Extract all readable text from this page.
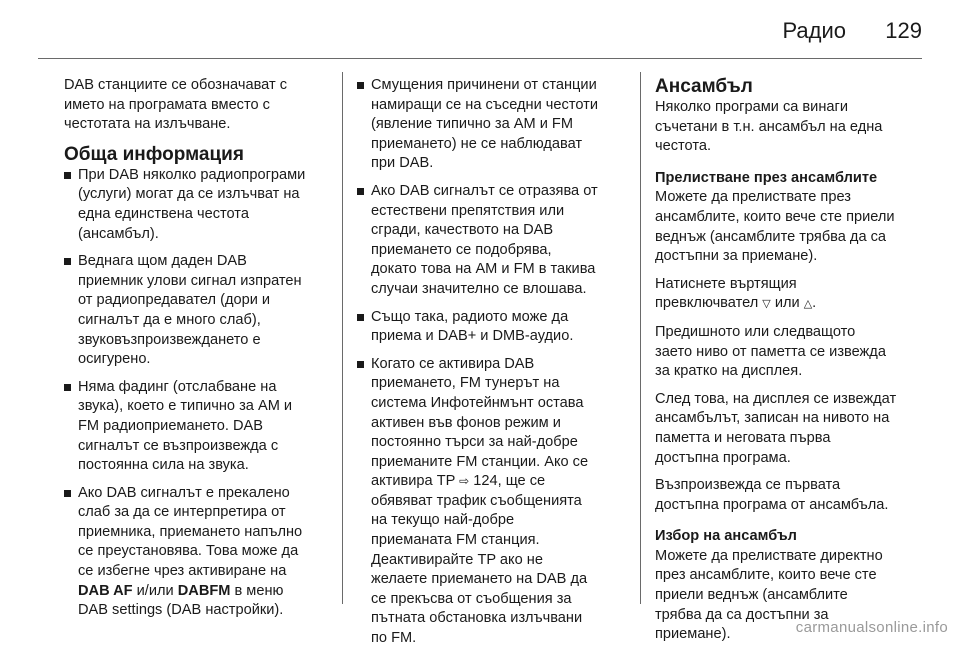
Радио 129

DAB станциите се обозначават с
името на програмата вместо с
честотата на излъчване.

Обща информация
При DAB няколко радиопрограми
(услуги) могат да се излъчват на
една единствена честота
(ансамбъл).
Веднага щом даден DAB
приемник улови сигнал изпратен
от радиопредавател (дори и
сигналът да е много слаб),
звуковъзпроизвеждането е
осигурено.
Няма фадинг (отслабване на
звука), което е типично за AM и
FM радиоприемането. DAB
сигналът се възпроизвежда с
постоянна сила на звука.
Ако DAB сигналът е прекалено
слаб за да се интерпретира от
приемника, приемането напълно
се преустановява. Това може да
се избегне чрез активиране на
DAB AF и/или DABFM в меню
DAB settings (DAB настройки).
Смущения причинени от станции
намиращи се на съседни честоти
(явление типично за AM и FM
приемането) не се наблюдават
при DAB.
Ако DAB сигналът се отразява от
естествени препятствия или
сгради, качеството на DAB
приемането се подобрява,
докато това на AM и FM в такива
случаи значително се влошава.
Също така, радиото може да
приема и DAB+ и DMB-аудио.
Когато се активира DAB
приемането, FM тунерът на
система Инфотейнмънт остава
активен във фонов режим и
постоянно търси за най-добре
приеманите FM станции. Ако се
активира TP ⇨ 124, ще се
обявяват трафик съобщенията
на текущо най-добре
приеманата FM станция.
Деактивирайте TP ако не
желаете приемането на DAB да
се прекъсва от съобщения за
пътната обстановка излъчвани
по FM.
Ансамбъл

Няколко програми са винаги
съчетани в т.н. ансамбъл на една
честота.

Прелистване през ансамблите

Можете да прелиствате през
ансамблите, които вече сте приели
веднъж (ансамблите трябва да са
достъпни за приемане).

Натиснете въртящия
превключвател ▽ или △.

Предишното или следващото
заето ниво от паметта се извежда
за кратко на дисплея.

След това, на дисплея се извеждат
ансамбълът, записан на нивото на
паметта и неговата първа
достъпна програма.

Възпроизвежда се първата
достъпна програма от ансамбъла.

Избор на ансамбъл

Можете да прелиствате директно
през ансамблите, които вече сте
приели веднъж (ансамблите
трябва да са достъпни за
приемане).	carmanualsonline.info
